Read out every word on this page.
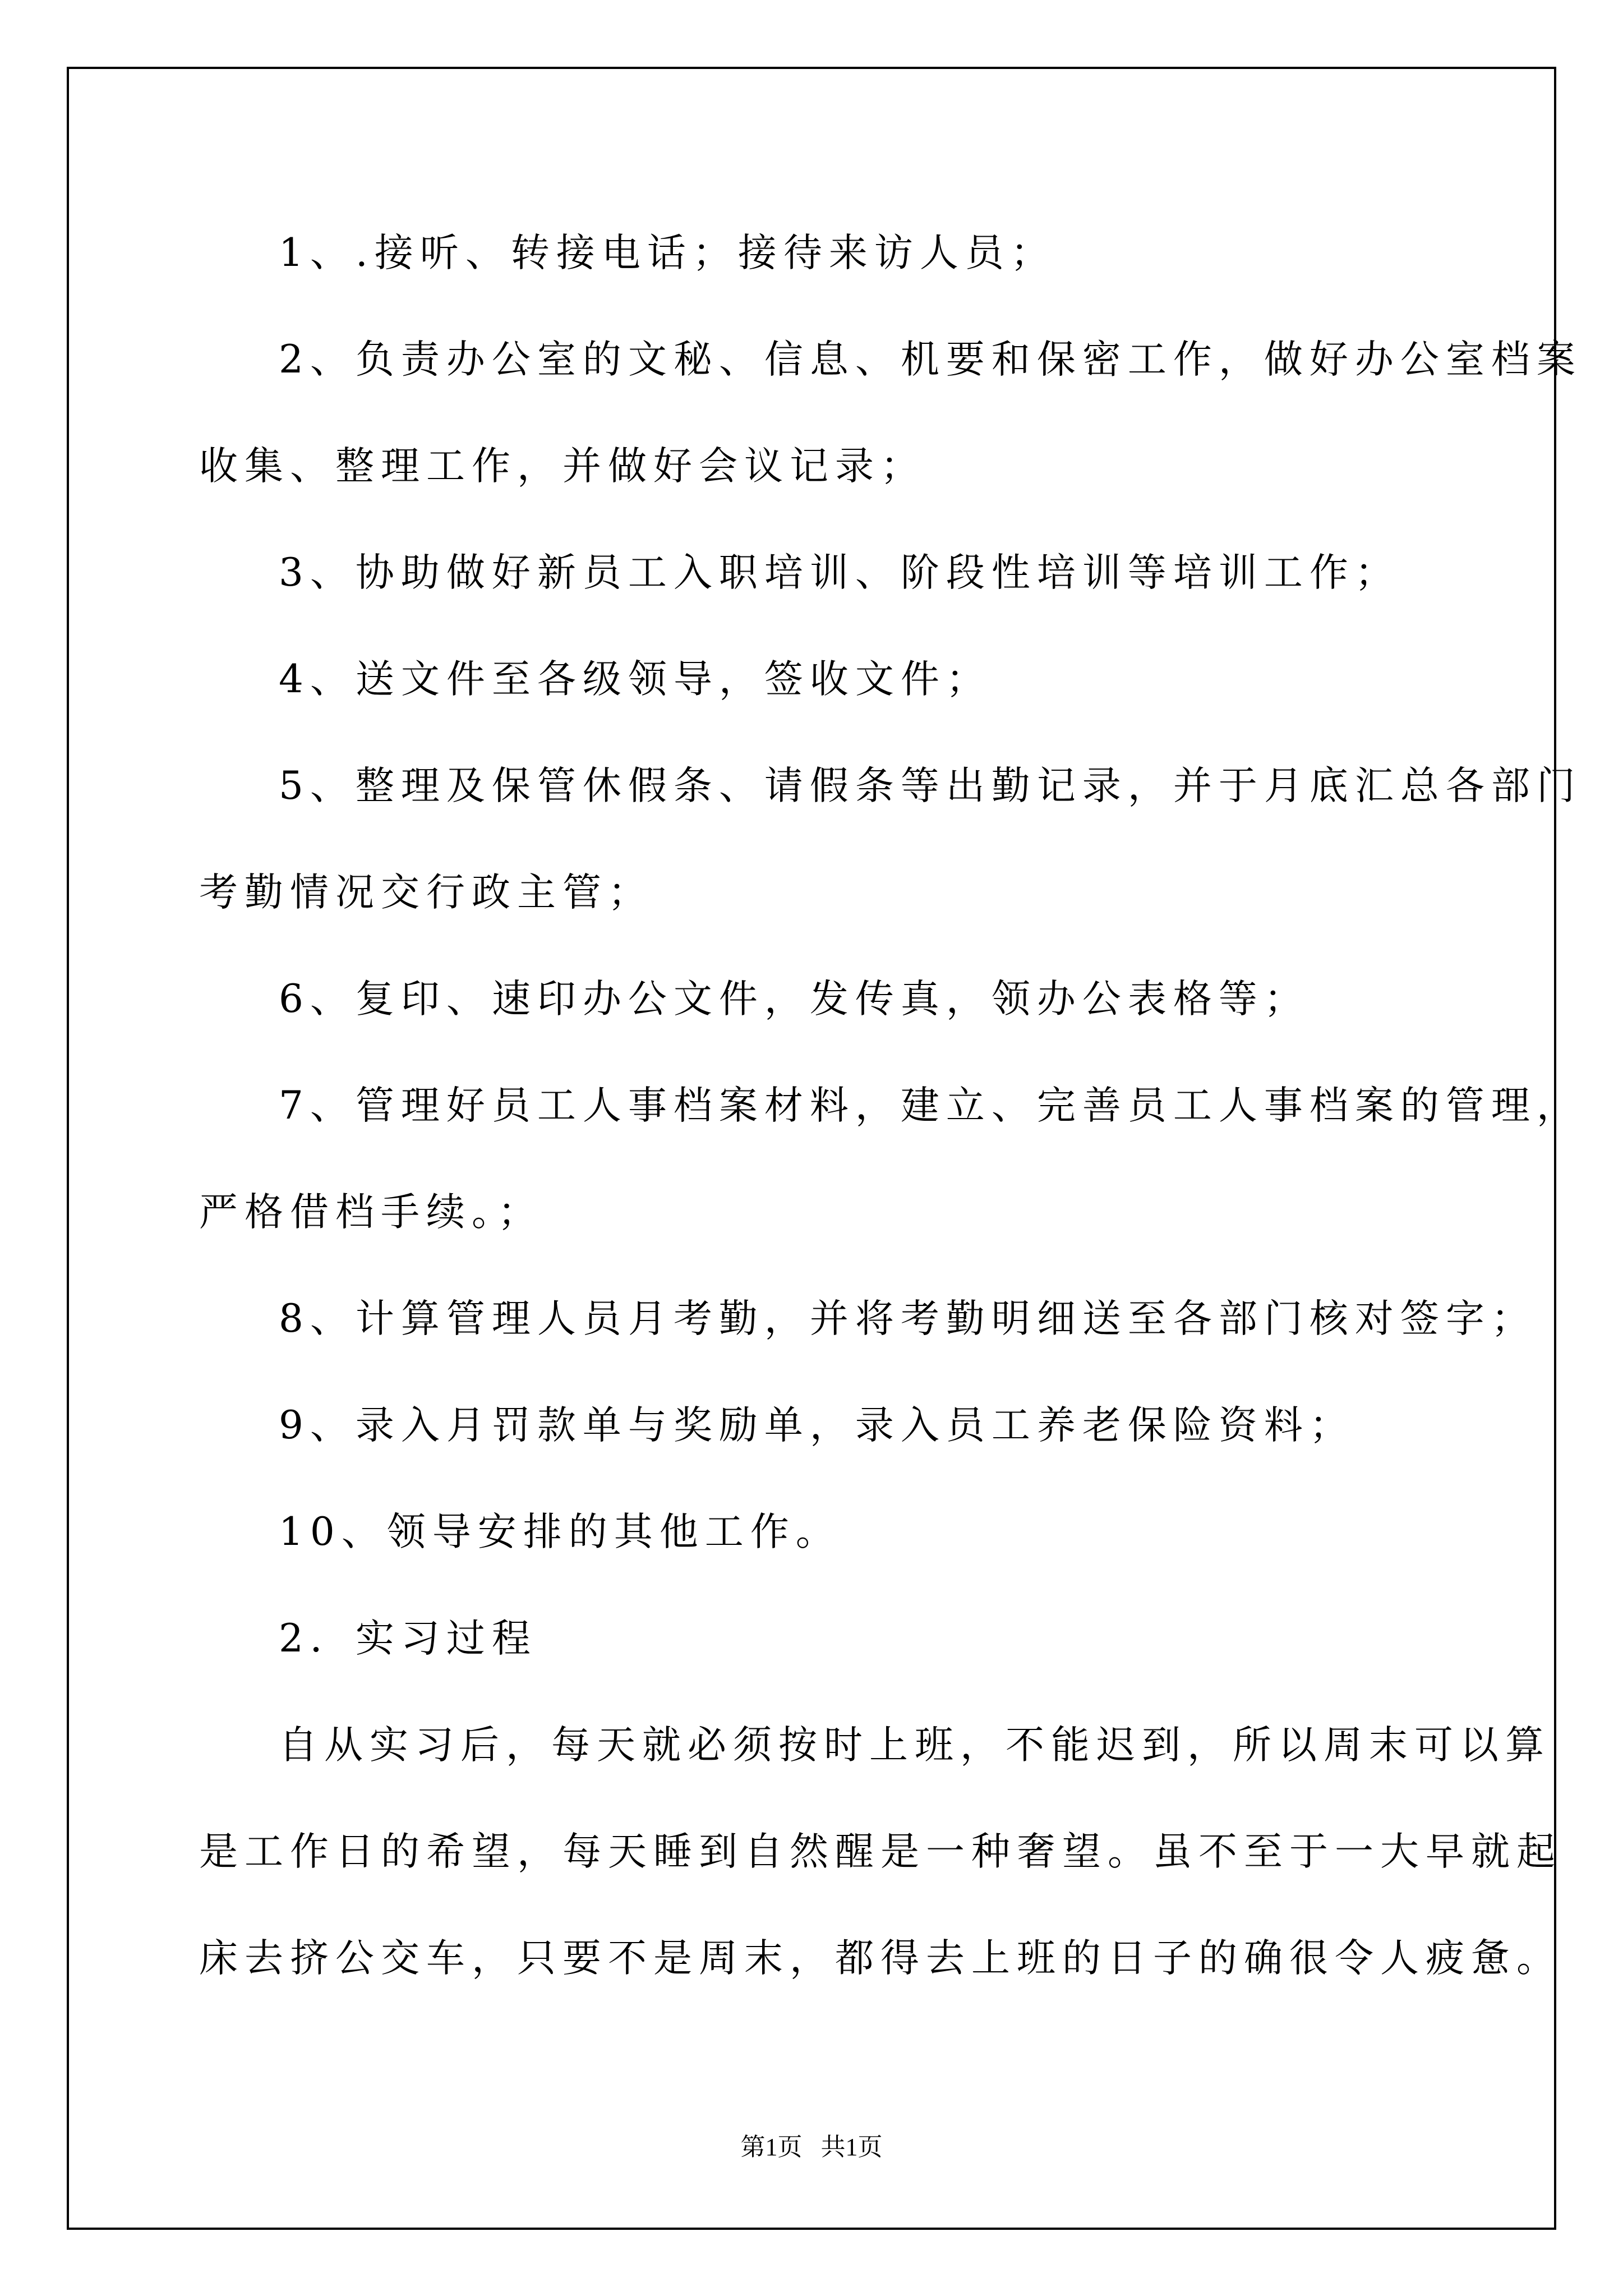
1、.接听、转接电话；接待来访人员；
2、负责办公室的文秘、信息、机要和保密工作，做好办公室档案
收集、整理工作，并做好会议记录；
3、协助做好新员工入职培训、阶段性培训等培训工作；
4、送文件至各级领导，签收文件；
5、整理及保管休假条、请假条等出勤记录，并于月底汇总各部门
考勤情况交行政主管；
6、复印、速印办公文件，发传真，领办公表格等；
7、管理好员工人事档案材料，建立、完善员工人事档案的管理，
严格借档手续。；
8、计算管理人员月考勤，并将考勤明细送至各部门核对签字；
9、录入月罚款单与奖励单，录入员工养老保险资料；
10、领导安排的其他工作。
2．实习过程
自从实习后，每天就必须按时上班，不能迟到，所以周末可以算
是工作日的希望，每天睡到自然醒是一种奢望。虽不至于一大早就起
床去挤公交车，只要不是周末，都得去上班的日子的确很令人疲惫。
第1页   共1页
